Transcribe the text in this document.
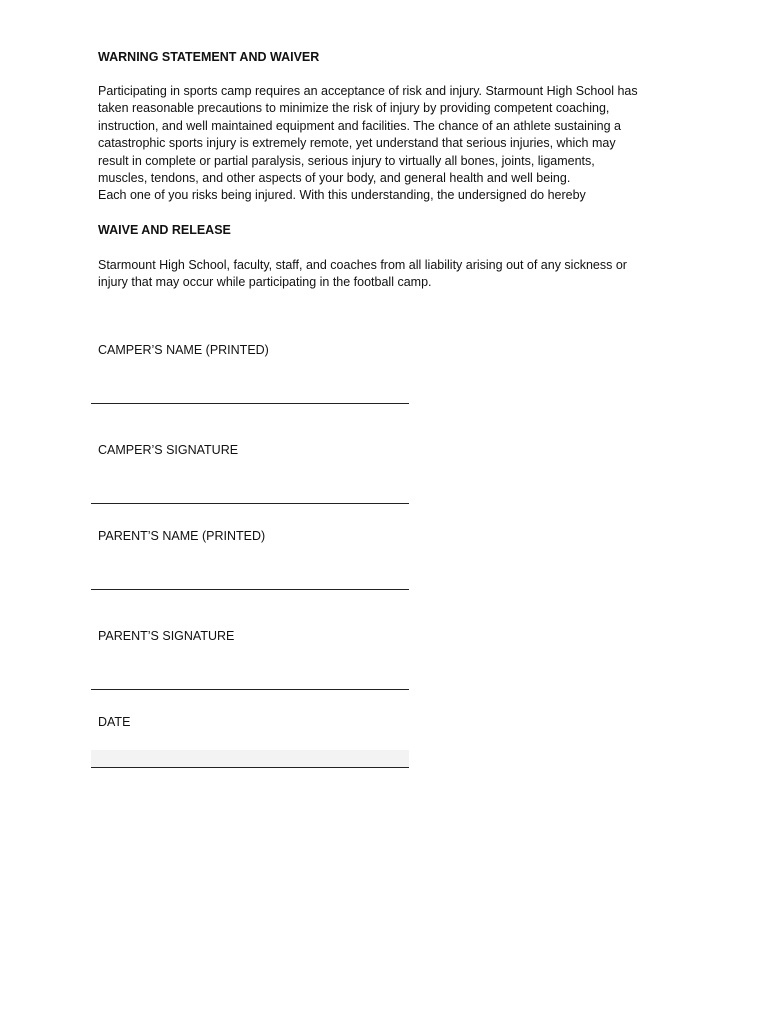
WARNING STATEMENT AND WAIVER
Participating in sports camp requires an acceptance of risk and injury. Starmount High School has
taken reasonable precautions to minimize the risk of injury by providing competent coaching,
instruction, and well maintained equipment and facilities. The chance of an athlete sustaining a
catastrophic sports injury is extremely remote, yet understand that serious injuries, which may
result in complete or partial paralysis, serious injury to virtually all bones, joints, ligaments,
muscles, tendons, and other aspects of your body, and general health and well being.
Each one of you risks being injured. With this understanding, the undersigned do hereby
WAIVE AND RELEASE
Starmount High School, faculty, staff, and coaches from all liability arising out of any sickness or
injury that may occur while participating in the football camp.
CAMPER’S NAME (PRINTED)
CAMPER’S SIGNATURE
PARENT’S NAME (PRINTED)
PARENT’S SIGNATURE
DATE
